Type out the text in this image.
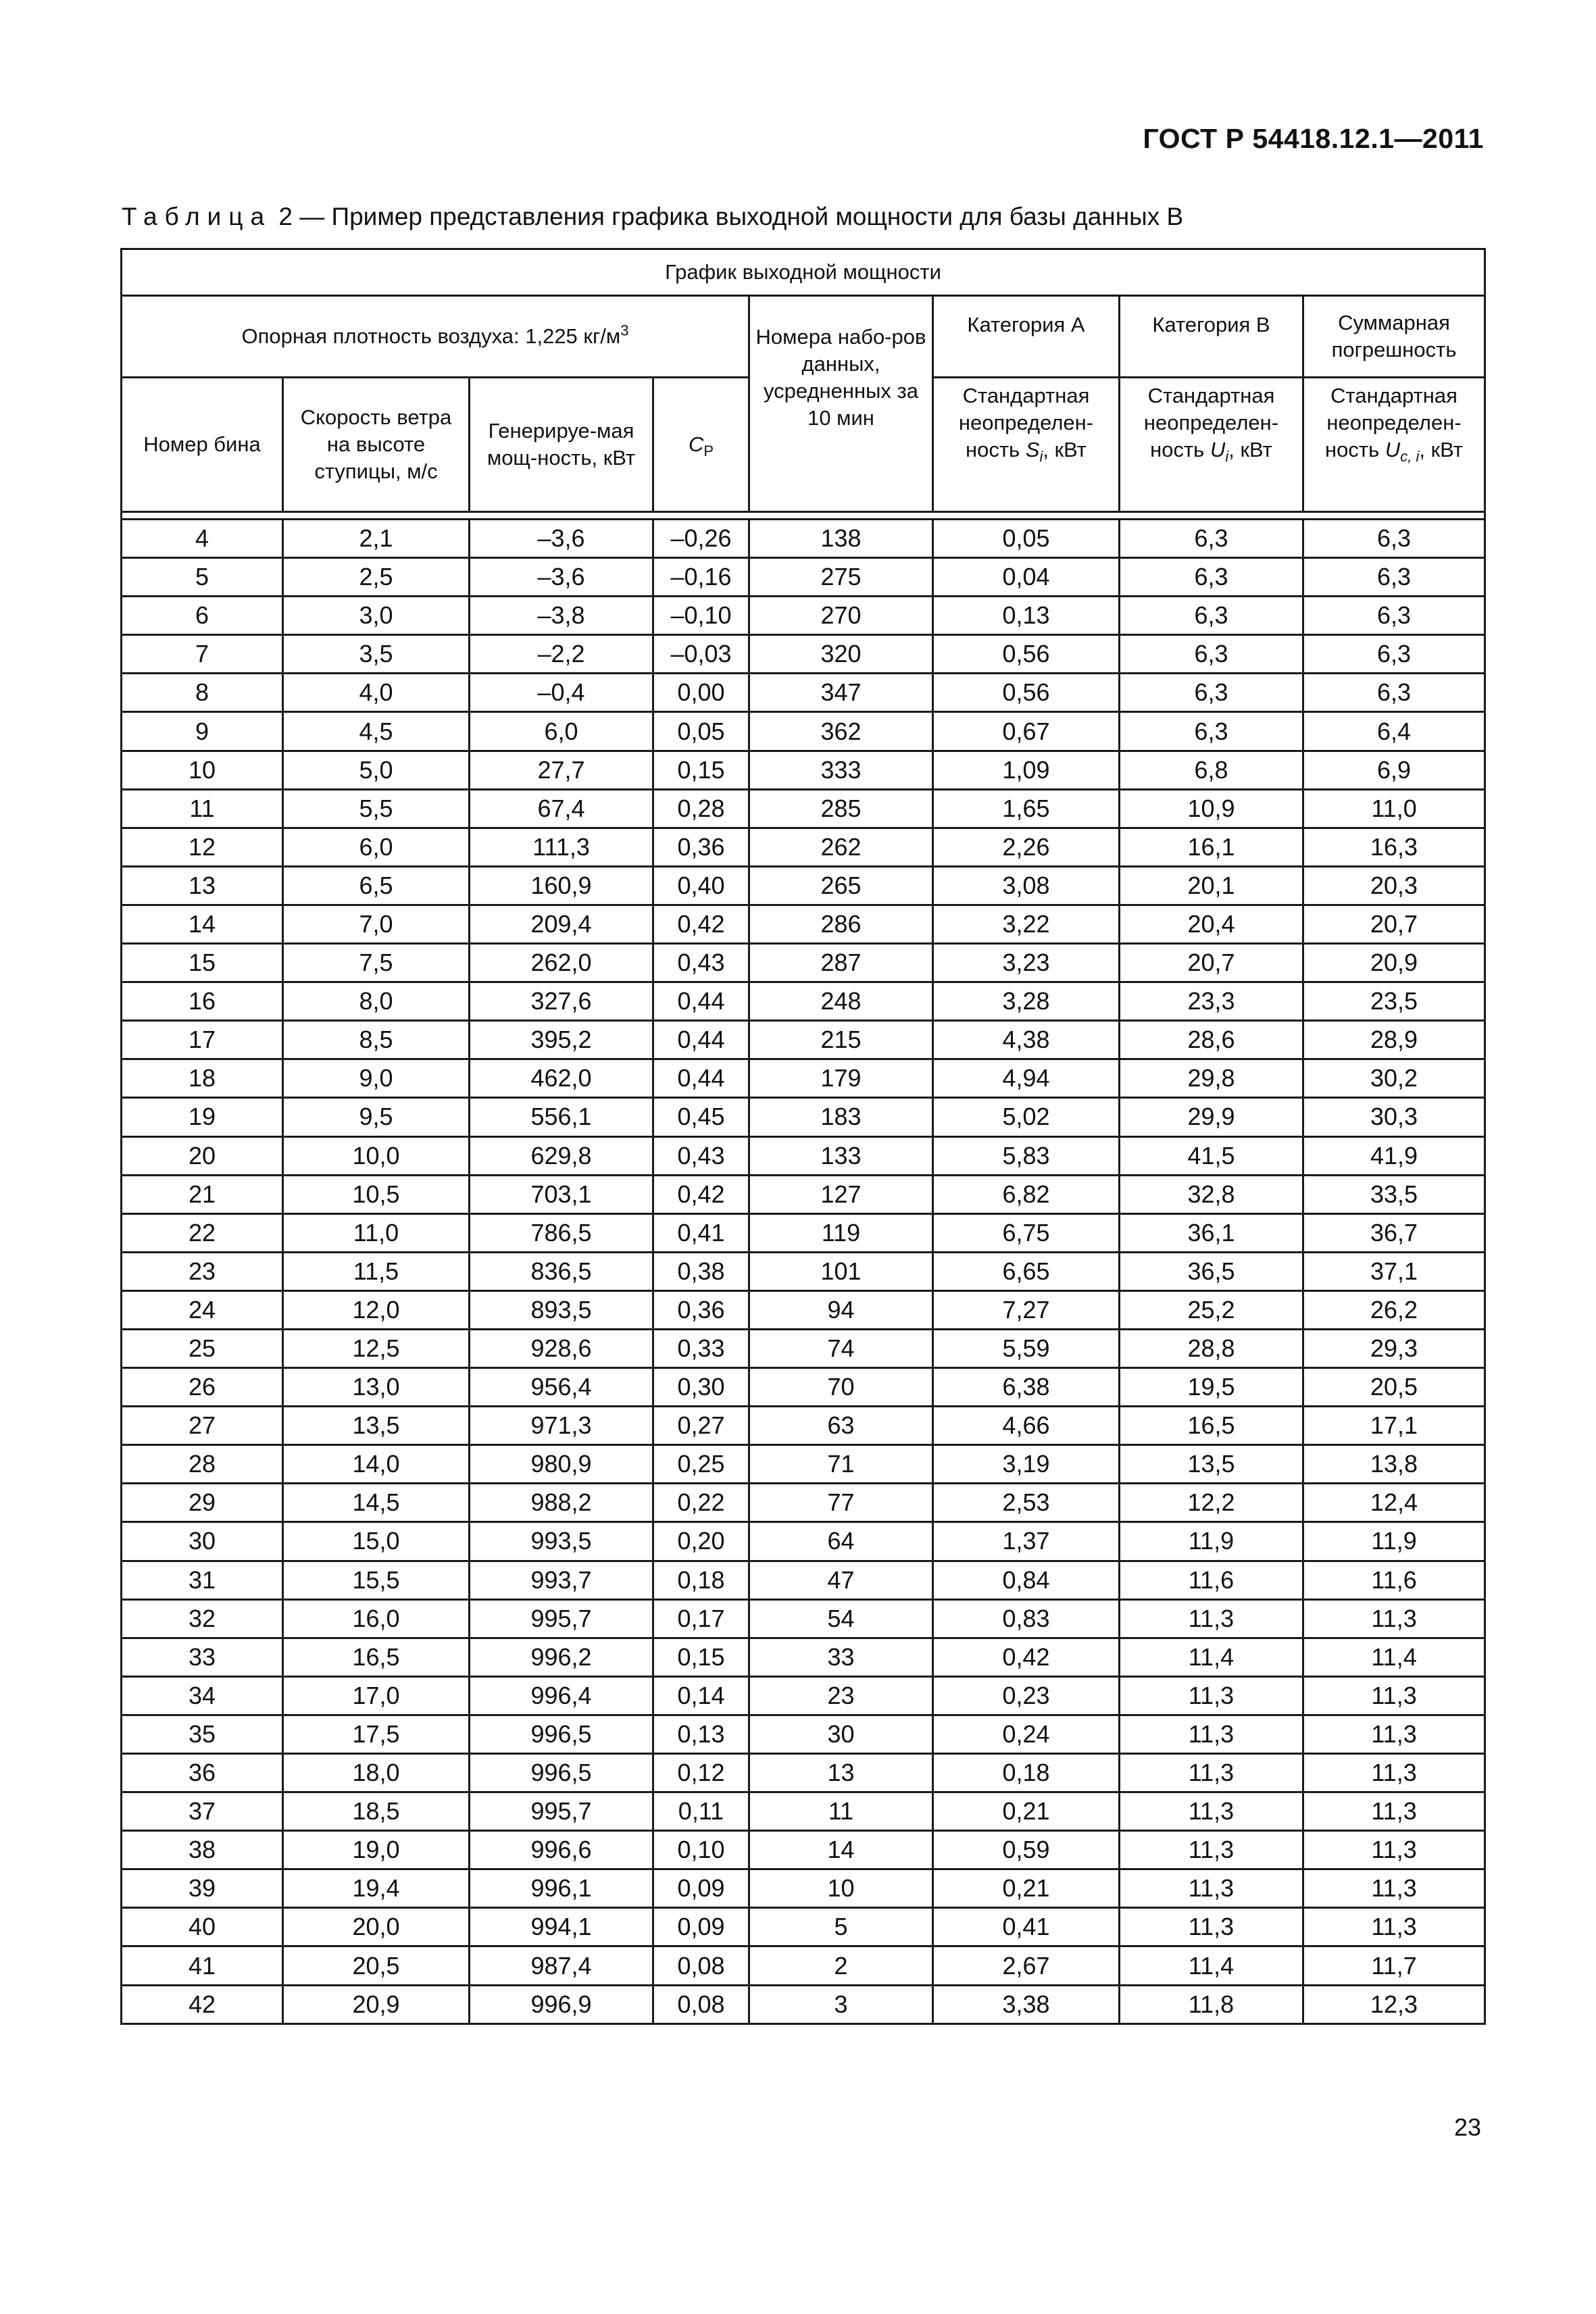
ГОСТ Р 54418.12.1—2011
Таблица 2 — Пример представления графика выходной мощности для базы данных В
График выходной мощности							
Опорная плотность воздуха: 1,225 $кг/м^3$				Номера набо-ров данных, усредненных за 10 мин	Категория А	Категория В	Суммарная погрешность
Номер бина	Скорость ветра на высоте ступицы, м/с	Генерируе-мая мощ-ность, кВт	$C_P$		Стандартная неопределен-ность $S_i$, кВт	Стандартная неопределен-ность $U_i$, кВт	Стандартная неопределен-ность $U_{c, i}$, кВт

4	2,1	–3,6	–0,26	138	0,05	6,3	6,3
5	2,5	–3,6	–0,16	275	0,04	6,3	6,3
6	3,0	–3,8	–0,10	270	0,13	6,3	6,3
7	3,5	–2,2	–0,03	320	0,56	6,3	6,3
8	4,0	–0,4	0,00	347	0,56	6,3	6,3
9	4,5	6,0	0,05	362	0,67	6,3	6,4
10	5,0	27,7	0,15	333	1,09	6,8	6,9
11	5,5	67,4	0,28	285	1,65	10,9	11,0
12	6,0	111,3	0,36	262	2,26	16,1	16,3
13	6,5	160,9	0,40	265	3,08	20,1	20,3
14	7,0	209,4	0,42	286	3,22	20,4	20,7
15	7,5	262,0	0,43	287	3,23	20,7	20,9
16	8,0	327,6	0,44	248	3,28	23,3	23,5
17	8,5	395,2	0,44	215	4,38	28,6	28,9
18	9,0	462,0	0,44	179	4,94	29,8	30,2
19	9,5	556,1	0,45	183	5,02	29,9	30,3
20	10,0	629,8	0,43	133	5,83	41,5	41,9
21	10,5	703,1	0,42	127	6,82	32,8	33,5
22	11,0	786,5	0,41	119	6,75	36,1	36,7
23	11,5	836,5	0,38	101	6,65	36,5	37,1
24	12,0	893,5	0,36	94	7,27	25,2	26,2
25	12,5	928,6	0,33	74	5,59	28,8	29,3
26	13,0	956,4	0,30	70	6,38	19,5	20,5
27	13,5	971,3	0,27	63	4,66	16,5	17,1
28	14,0	980,9	0,25	71	3,19	13,5	13,8
29	14,5	988,2	0,22	77	2,53	12,2	12,4
30	15,0	993,5	0,20	64	1,37	11,9	11,9
31	15,5	993,7	0,18	47	0,84	11,6	11,6
32	16,0	995,7	0,17	54	0,83	11,3	11,3
33	16,5	996,2	0,15	33	0,42	11,4	11,4
34	17,0	996,4	0,14	23	0,23	11,3	11,3
35	17,5	996,5	0,13	30	0,24	11,3	11,3
36	18,0	996,5	0,12	13	0,18	11,3	11,3
37	18,5	995,7	0,11	11	0,21	11,3	11,3
38	19,0	996,6	0,10	14	0,59	11,3	11,3
39	19,4	996,1	0,09	10	0,21	11,3	11,3
40	20,0	994,1	0,09	5	0,41	11,3	11,3
41	20,5	987,4	0,08	2	2,67	11,4	11,7
42	20,9	996,9	0,08	3	3,38	11,8	12,3
23
